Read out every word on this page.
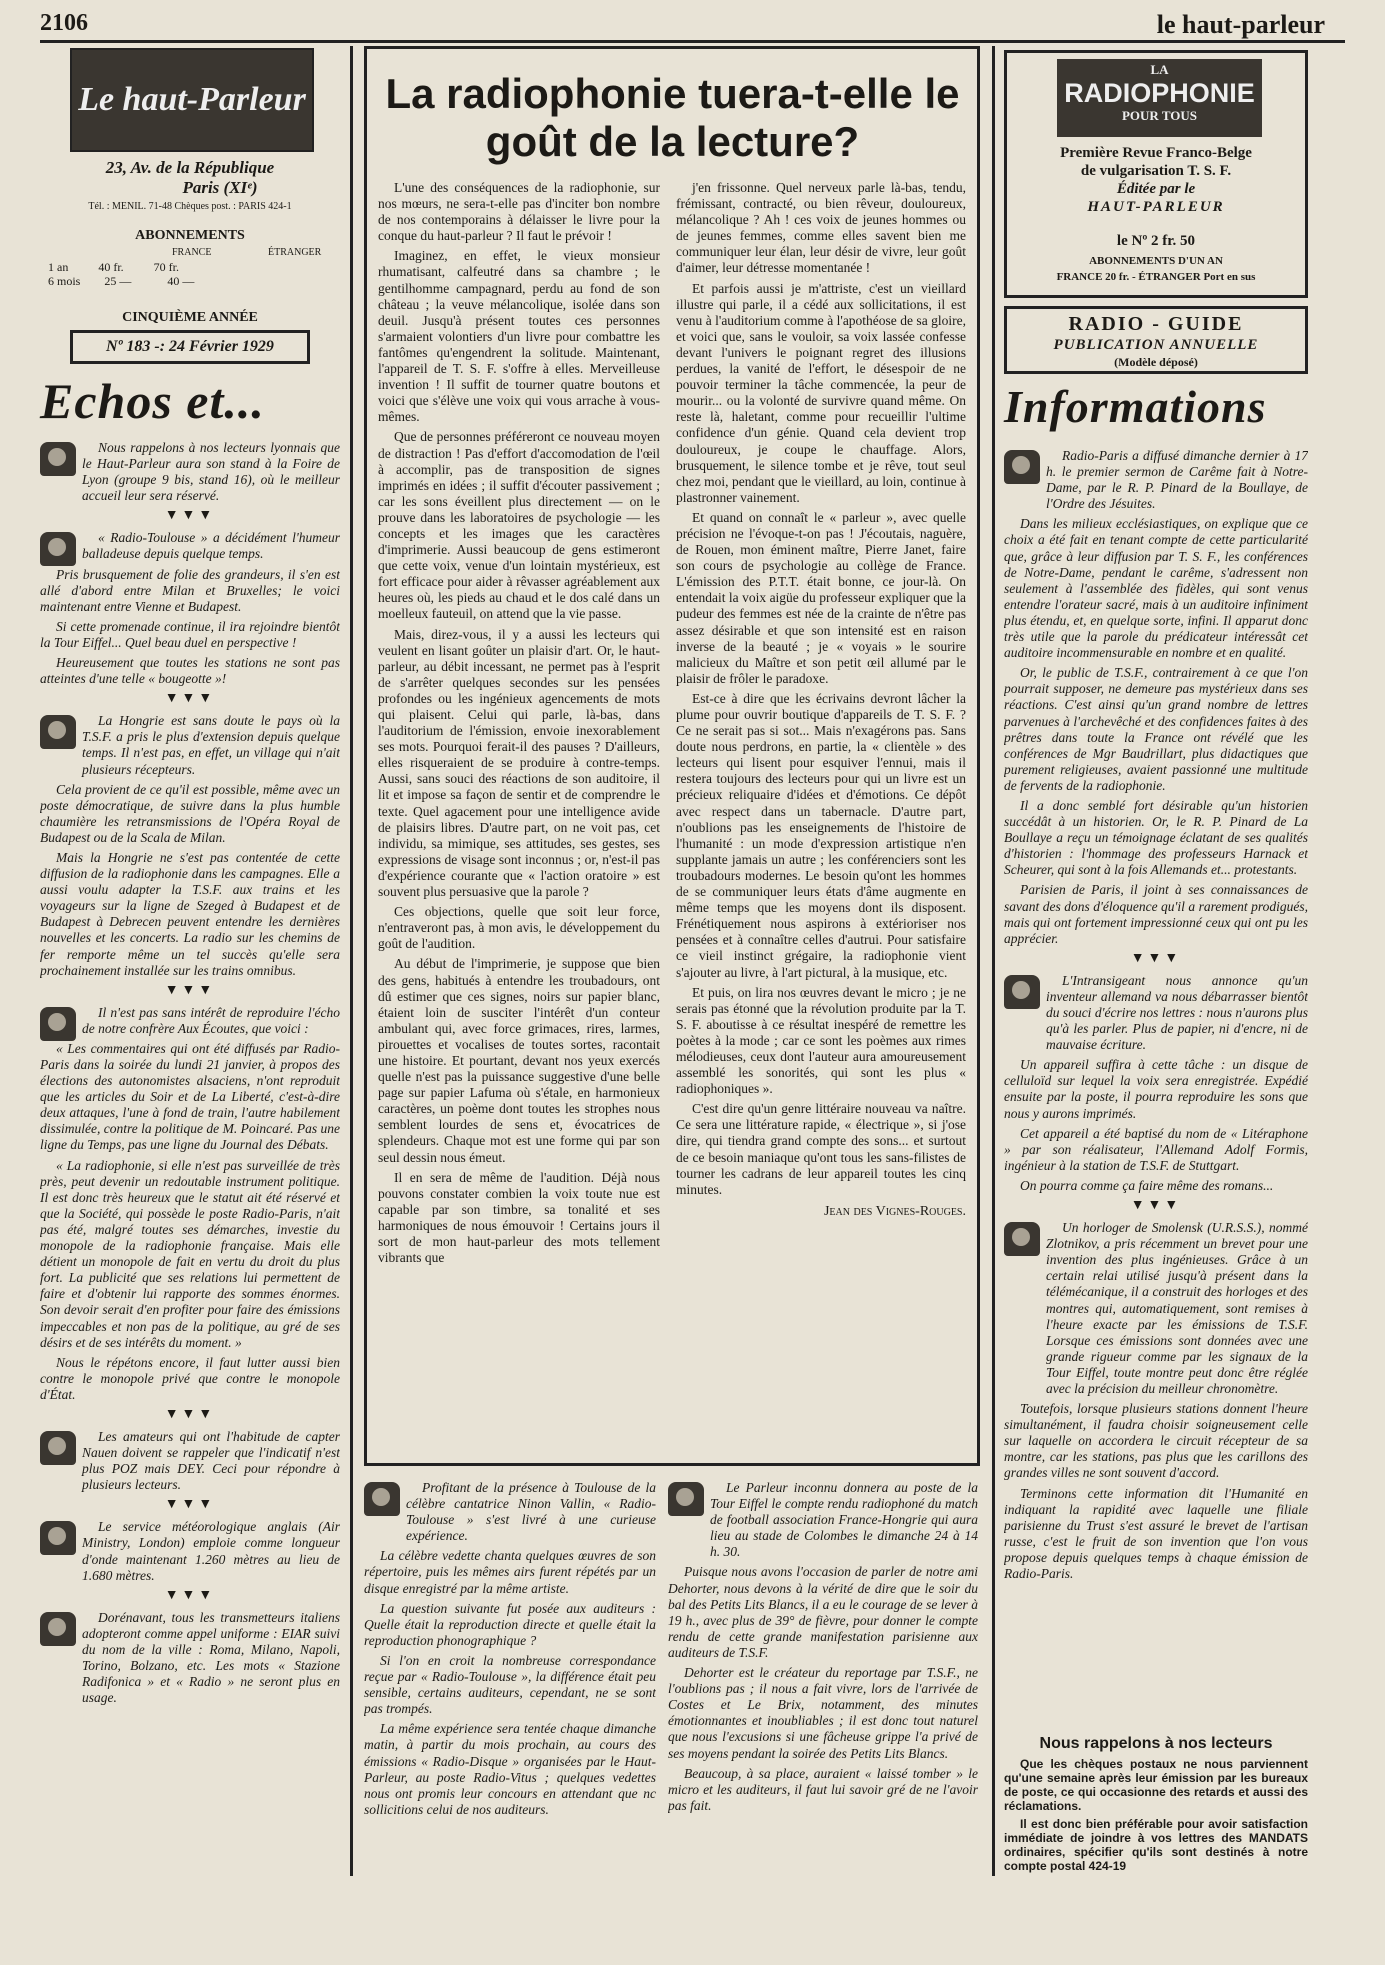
2106	le haut-parleur
Le haut-Parleur
23, Av. de la République
Paris (XIᵉ)
Tél. : MENIL. 71-48 Chèques post. : PARIS 424-1
ABONNEMENTS
FRANCE	ÉTRANGER
1 an          40 fr.          70 fr.
6 mois        25 —            40 —
CINQUIÈME ANNÉE
Nº 183 -: 24 Février 1929
Echos et...

Nous rappelons à nos lecteurs lyonnais que le Haut-Parleur aura son stand à la Foire de Lyon (groupe 9 bis, stand 16), où le meilleur accueil leur sera réservé.

▼▼▼

« Radio-Toulouse » a décidément l'humeur balladeuse depuis quelque temps.

Pris brusquement de folie des grandeurs, il s'en est allé d'abord entre Milan et Bruxelles; le voici maintenant entre Vienne et Budapest.

Si cette promenade continue, il ira rejoindre bientôt la Tour Eiffel... Quel beau duel en perspective !

Heureusement que toutes les stations ne sont pas atteintes d'une telle « bougeotte »!

▼▼▼

La Hongrie est sans doute le pays où la T.S.F. a pris le plus d'extension depuis quelque temps. Il n'est pas, en effet, un village qui n'ait plusieurs récepteurs.

Cela provient de ce qu'il est possible, même avec un poste démocratique, de suivre dans la plus humble chaumière les retransmissions de l'Opéra Royal de Budapest ou de la Scala de Milan.

Mais la Hongrie ne s'est pas contentée de cette diffusion de la radiophonie dans les campagnes. Elle a aussi voulu adapter la T.S.F. aux trains et les voyageurs sur la ligne de Szeged à Budapest et de Budapest à Debrecen peuvent entendre les dernières nouvelles et les concerts. La radio sur les chemins de fer remporte même un tel succès qu'elle sera prochainement installée sur les trains omnibus.

▼▼▼

Il n'est pas sans intérêt de reproduire l'écho de notre confrère Aux Écoutes, que voici :

« Les commentaires qui ont été diffusés par Radio-Paris dans la soirée du lundi 21 janvier, à propos des élections des autonomistes alsaciens, n'ont reproduit que les articles du Soir et de La Liberté, c'est-à-dire deux attaques, l'une à fond de train, l'autre habilement dissimulée, contre la politique de M. Poincaré. Pas une ligne du Temps, pas une ligne du Journal des Débats.

« La radiophonie, si elle n'est pas surveillée de très près, peut devenir un redoutable instrument politique. Il est donc très heureux que le statut ait été réservé et que la Société, qui possède le poste Radio-Paris, n'ait pas été, malgré toutes ses démarches, investie du monopole de la radiophonie française. Mais elle détient un monopole de fait en vertu du droit du plus fort. La publicité que ses relations lui permettent de faire et d'obtenir lui rapporte des sommes énormes. Son devoir serait d'en profiter pour faire des émissions impeccables et non pas de la politique, au gré de ses désirs et de ses intérêts du moment. »

Nous le répétons encore, il faut lutter aussi bien contre le monopole privé que contre le monopole d'État.

▼▼▼

Les amateurs qui ont l'habitude de capter Nauen doivent se rappeler que l'indicatif n'est plus POZ mais DEY. Ceci pour répondre à plusieurs lecteurs.

▼▼▼

Le service météorologique anglais (Air Ministry, London) emploie comme longueur d'onde maintenant 1.260 mètres au lieu de 1.680 mètres.

▼▼▼

Dorénavant, tous les transmetteurs italiens adopteront comme appel uniforme : EIAR suivi du nom de la ville : Roma, Milano, Napoli, Torino, Bolzano, etc. Les mots « Stazione Radifonica » et « Radio » ne seront plus en usage.

La radiophonie tuera-t-elle le goût de la lecture?

L'une des conséquences de la radiophonie, sur nos mœurs, ne sera-t-elle pas d'inciter bon nombre de nos contemporains à délaisser le livre pour la conque du haut-parleur ? Il faut le prévoir !

Imaginez, en effet, le vieux monsieur rhumatisant, calfeutré dans sa chambre ; le gentilhomme campagnard, perdu au fond de son château ; la veuve mélancolique, isolée dans son deuil. Jusqu'à présent toutes ces personnes s'armaient volontiers d'un livre pour combattre les fantômes qu'engendrent la solitude. Maintenant, l'appareil de T. S. F. s'offre à elles. Merveilleuse invention ! Il suffit de tourner quatre boutons et voici que s'élève une voix qui vous arrache à vous-mêmes.

Que de personnes préféreront ce nouveau moyen de distraction ! Pas d'effort d'accomodation de l'œil à accomplir, pas de transposition de signes imprimés en idées ; il suffit d'écouter passivement ; car les sons éveillent plus directement — on le prouve dans les laboratoires de psychologie — les concepts et les images que les caractères d'imprimerie. Aussi beaucoup de gens estimeront que cette voix, venue d'un lointain mystérieux, est fort efficace pour aider à rêvasser agréablement aux heures où, les pieds au chaud et le dos calé dans un moelleux fauteuil, on attend que la vie passe.

Mais, direz-vous, il y a aussi les lecteurs qui veulent en lisant goûter un plaisir d'art. Or, le haut-parleur, au débit incessant, ne permet pas à l'esprit de s'arrêter quelques secondes sur les pensées profondes ou les ingénieux agencements de mots qui plaisent. Celui qui parle, là-bas, dans l'auditorium de l'émission, envoie inexorablement ses mots. Pourquoi ferait-il des pauses ? D'ailleurs, elles risqueraient de se produire à contre-temps. Aussi, sans souci des réactions de son auditoire, il lit et impose sa façon de sentir et de comprendre le texte. Quel agacement pour une intelligence avide de plaisirs libres. D'autre part, on ne voit pas, cet individu, sa mimique, ses attitudes, ses gestes, ses expressions de visage sont inconnus ; or, n'est-il pas d'expérience courante que « l'action oratoire » est souvent plus persuasive que la parole ?

Ces objections, quelle que soit leur force, n'entraveront pas, à mon avis, le développement du goût de l'audition.

Au début de l'imprimerie, je suppose que bien des gens, habitués à entendre les troubadours, ont dû estimer que ces signes, noirs sur papier blanc, étaient loin de susciter l'intérêt d'un conteur ambulant qui, avec force grimaces, rires, larmes, pirouettes et vocalises de toutes sortes, racontait une histoire. Et pourtant, devant nos yeux exercés quelle n'est pas la puissance suggestive d'une belle page sur papier Lafuma où s'étale, en harmonieux caractères, un poème dont toutes les strophes nous semblent lourdes de sens et, évocatrices de splendeurs. Chaque mot est une forme qui par son seul dessin nous émeut.

Il en sera de même de l'audition. Déjà nous pouvons constater combien la voix toute nue est capable par son timbre, sa tonalité et ses harmoniques de nous émouvoir ! Certains jours il sort de mon haut-parleur des mots tellement vibrants que

j'en frissonne. Quel nerveux parle là-bas, tendu, frémissant, contracté, ou bien rêveur, douloureux, mélancolique ? Ah ! ces voix de jeunes hommes ou de jeunes femmes, comme elles savent bien me communiquer leur élan, leur désir de vivre, leur goût d'aimer, leur détresse momentanée !

Et parfois aussi je m'attriste, c'est un vieillard illustre qui parle, il a cédé aux sollicitations, il est venu à l'auditorium comme à l'apothéose de sa gloire, et voici que, sans le vouloir, sa voix lassée confesse devant l'univers le poignant regret des illusions perdues, la vanité de l'effort, le désespoir de ne pouvoir terminer la tâche commencée, la peur de mourir... ou la volonté de survivre quand même. On reste là, haletant, comme pour recueillir l'ultime confidence d'un génie. Quand cela devient trop douloureux, je coupe le chauffage. Alors, brusquement, le silence tombe et je rêve, tout seul chez moi, pendant que le vieillard, au loin, continue à plastronner vainement.

Et quand on connaît le « parleur », avec quelle précision ne l'évoque-t-on pas ! J'écoutais, naguère, de Rouen, mon éminent maître, Pierre Janet, faire son cours de psychologie au collège de France. L'émission des P.T.T. était bonne, ce jour-là. On entendait la voix aigüe du professeur expliquer que la pudeur des femmes est née de la crainte de n'être pas assez désirable et que son intensité est en raison inverse de la beauté ; je « voyais » le sourire malicieux du Maître et son petit œil allumé par le plaisir de frôler le paradoxe.

Est-ce à dire que les écrivains devront lâcher la plume pour ouvrir boutique d'appareils de T. S. F. ? Ce ne serait pas si sot... Mais n'exagérons pas. Sans doute nous perdrons, en partie, la « clientèle » des lecteurs qui lisent pour esquiver l'ennui, mais il restera toujours des lecteurs pour qui un livre est un précieux reliquaire d'idées et d'émotions. Ce dépôt avec respect dans un tabernacle. D'autre part, n'oublions pas les enseignements de l'histoire de l'humanité : un mode d'expression artistique n'en supplante jamais un autre ; les conférenciers sont les troubadours modernes. Le besoin qu'ont les hommes de se communiquer leurs états d'âme augmente en même temps que les moyens dont ils disposent. Frénétiquement nous aspirons à extérioriser nos pensées et à connaître celles d'autrui. Pour satisfaire ce vieil instinct grégaire, la radiophonie vient s'ajouter au livre, à l'art pictural, à la musique, etc.

Et puis, on lira nos œuvres devant le micro ; je ne serais pas étonné que la révolution produite par la T. S. F. aboutisse à ce résultat inespéré de remettre les poètes à la mode ; car ce sont les poèmes aux rimes mélodieuses, ceux dont l'auteur aura amoureusement assemblé les sonorités, qui sont les plus « radiophoniques ».

C'est dire qu'un genre littéraire nouveau va naître. Ce sera une littérature rapide, « électrique », si j'ose dire, qui tiendra grand compte des sons... et surtout de ce besoin maniaque qu'ont tous les sans-filistes de tourner les cadrans de leur appareil toutes les cinq minutes.

Jean des Vignes-Rouges.

Profitant de la présence à Toulouse de la célèbre cantatrice Ninon Vallin, « Radio-Toulouse » s'est livré à une curieuse expérience.

La célèbre vedette chanta quelques œuvres de son répertoire, puis les mêmes airs furent répétés par un disque enregistré par la même artiste.

La question suivante fut posée aux auditeurs : Quelle était la reproduction directe et quelle était la reproduction phonographique ?

Si l'on en croit la nombreuse correspondance reçue par « Radio-Toulouse », la différence était peu sensible, certains auditeurs, cependant, ne se sont pas trompés.

La même expérience sera tentée chaque dimanche matin, à partir du mois prochain, au cours des émissions « Radio-Disque » organisées par le Haut-Parleur, au poste Radio-Vitus ; quelques vedettes nous ont promis leur concours en attendant que nc sollicitions celui de nos auditeurs.

Le Parleur inconnu donnera au poste de la Tour Eiffel le compte rendu radiophoné du match de football association France-Hongrie qui aura lieu au stade de Colombes le dimanche 24 à 14 h. 30.

Puisque nous avons l'occasion de parler de notre ami Dehorter, nous devons à la vérité de dire que le soir du bal des Petits Lits Blancs, il a eu le courage de se lever à 19 h., avec plus de 39° de fièvre, pour donner le compte rendu de cette grande manifestation parisienne aux auditeurs de T.S.F.

Dehorter est le créateur du reportage par T.S.F., ne l'oublions pas ; il nous a fait vivre, lors de l'arrivée de Costes et Le Brix, notamment, des minutes émotionnantes et inoubliables ; il est donc tout naturel que nous l'excusions si une fâcheuse grippe l'a privé de ses moyens pendant la soirée des Petits Lits Blancs.

Beaucoup, à sa place, auraient « laissé tomber » le micro et les auditeurs, il faut lui savoir gré de ne l'avoir pas fait.

LA
RADIOPHONIE
POUR TOUS
Première Revue Franco-Belge
de vulgarisation T. S. F.
Éditée par le
HAUT-PARLEUR
le Nº 2 fr. 50
ABONNEMENTS D'UN AN
FRANCE 20 fr. - ÉTRANGER Port en sus
RADIO - GUIDE
PUBLICATION ANNUELLE
(Modèle déposé)
Informations

Radio-Paris a diffusé dimanche dernier à 17 h. le premier sermon de Carême fait à Notre-Dame, par le R. P. Pinard de la Boullaye, de l'Ordre des Jésuites.

Dans les milieux ecclésiastiques, on explique que ce choix a été fait en tenant compte de cette particularité que, grâce à leur diffusion par T. S. F., les conférences de Notre-Dame, pendant le carême, s'adressent non seulement à l'assemblée des fidèles, qui sont venus entendre l'orateur sacré, mais à un auditoire infiniment plus étendu, et, en quelque sorte, infini. Il apparut donc très utile que la parole du prédicateur intéressât cet auditoire incommensurable en nombre et en qualité.

Or, le public de T.S.F., contrairement à ce que l'on pourrait supposer, ne demeure pas mystérieux dans ses réactions. C'est ainsi qu'un grand nombre de lettres parvenues à l'archevêché et des confidences faites à des prêtres dans toute la France ont révélé que les conférences de Mgr Baudrillart, plus didactiques que purement religieuses, avaient passionné une multitude de fervents de la radiophonie.

Il a donc semblé fort désirable qu'un historien succédât à un historien. Or, le R. P. Pinard de La Boullaye a reçu un témoignage éclatant de ses qualités d'historien : l'hommage des professeurs Harnack et Scheurer, qui sont à la fois Allemands et... protestants.

Parisien de Paris, il joint à ses connaissances de savant des dons d'éloquence qu'il a rarement prodigués, mais qui ont fortement impressionné ceux qui ont pu les apprécier.

▼▼▼

L'Intransigeant nous annonce qu'un inventeur allemand va nous débarrasser bientôt du souci d'écrire nos lettres : nous n'aurons plus qu'à les parler. Plus de papier, ni d'encre, ni de mauvaise écriture.

Un appareil suffira à cette tâche : un disque de celluloïd sur lequel la voix sera enregistrée. Expédié ensuite par la poste, il pourra reproduire les sons que nous y aurons imprimés.

Cet appareil a été baptisé du nom de « Litéraphone » par son réalisateur, l'Allemand Adolf Formis, ingénieur à la station de T.S.F. de Stuttgart.

On pourra comme ça faire même des romans...

▼▼▼

Un horloger de Smolensk (U.R.S.S.), nommé Zlotnikov, a pris récemment un brevet pour une invention des plus ingénieuses. Grâce à un certain relai utilisé jusqu'à présent dans la télémécanique, il a construit des horloges et des montres qui, automatiquement, sont remises à l'heure exacte par les émissions de T.S.F. Lorsque ces émissions sont données avec une grande rigueur comme par les signaux de la Tour Eiffel, toute montre peut donc être réglée avec la précision du meilleur chronomètre.

Toutefois, lorsque plusieurs stations donnent l'heure simultanément, il faudra choisir soigneusement celle sur laquelle on accordera le circuit récepteur de sa montre, car les stations, pas plus que les carillons des grandes villes ne sont souvent d'accord.

Terminons cette information dit l'Humanité en indiquant la rapidité avec laquelle une filiale parisienne du Trust s'est assuré le brevet de l'artisan russe, c'est le fruit de son invention que l'on vous propose depuis quelques temps à chaque émission de Radio-Paris.

Nous rappelons à nos lecteurs

Que les chèques postaux ne nous parviennent qu'une semaine après leur émission par les bureaux de poste, ce qui occasionne des retards et aussi des réclamations.

Il est donc bien préférable pour avoir satisfaction immédiate de joindre à vos lettres des MANDATS ordinaires, spécifier qu'ils sont destinés à notre compte postal 424-19
